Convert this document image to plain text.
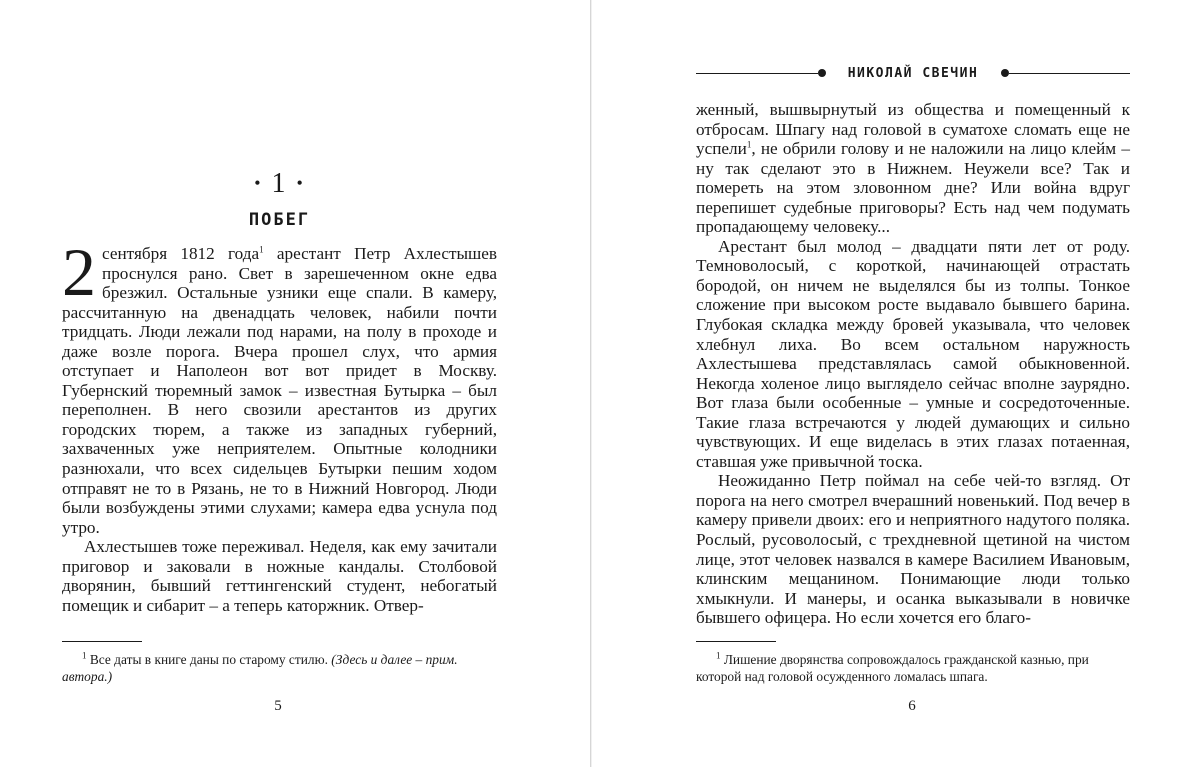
• 1 •
ПОБЕГ

2 сентября 1812 года$^1$ арестант Петр Ахлестышев проснулся рано. Свет в зарешеченном окне едва брезжил. Остальные узники еще спали. В камеру, рассчитанную на двенадцать человек, набили почти тридцать. Люди лежали под нарами, на полу в проходе и даже возле порога. Вчера прошел слух, что армия отступает и Наполеон вот вот придет в Москву. Губернский тюремный замок – известная Бутырка – был переполнен. В него свозили арестантов из других городских тюрем, а также из западных губерний, захваченных уже неприятелем. Опытные колодники разнюхали, что всех сидельцев Бутырки пешим ходом отправят не то в Рязань, не то в Нижний Новгород. Люди были возбуждены этими слухами; камера едва уснула под утро.

Ахлестышев тоже переживал. Неделя, как ему зачитали приговор и заковали в ножные кандалы. Столбовой дворянин, бывший геттингенский студент, небогатый помещик и сибарит – а теперь каторжник. Отвер-

$^1$ Все даты в книге даны по старому стилю. (Здесь и далее – прим. автора.)
5
НИКОЛАЙ СВЕЧИН

женный, вышвырнутый из общества и помещенный к отбросам. Шпагу над головой в суматохе сломать еще не успели$^1$, не обрили голову и не наложили на лицо клейм – ну так сделают это в Нижнем. Неужели все? Так и помереть на этом зловонном дне? Или война вдруг перепишет судебные приговоры? Есть над чем подумать пропадающему человеку...

Арестант был молод – двадцати пяти лет от роду. Темноволосый, с короткой, начинающей отрастать бородой, он ничем не выделялся бы из толпы. Тонкое сложение при высоком росте выдавало бывшего барина. Глубокая складка между бровей указывала, что человек хлебнул лиха. Во всем остальном наружность Ахлестышева представлялась самой обыкновенной. Некогда холеное лицо выглядело сейчас вполне заурядно. Вот глаза были особенные – умные и сосредоточенные. Такие глаза встречаются у людей думающих и сильно чувствующих. И еще виделась в этих глазах потаенная, ставшая уже привычной тоска.

Неожиданно Петр поймал на себе чей-то взгляд. От порога на него смотрел вчерашний новенький. Под вечер в камеру привели двоих: его и неприятного надутого поляка. Рослый, русоволосый, с трехдневной щетиной на чистом лице, этот человек назвался в камере Василием Ивановым, клинским мещанином. Понимающие люди только хмыкнули. И манеры, и осанка выказывали в новичке бывшего офицера. Но если хочется его благо-

$^1$ Лишение дворянства сопровождалось гражданской казнью, при которой над головой осужденного ломалась шпага.
6
